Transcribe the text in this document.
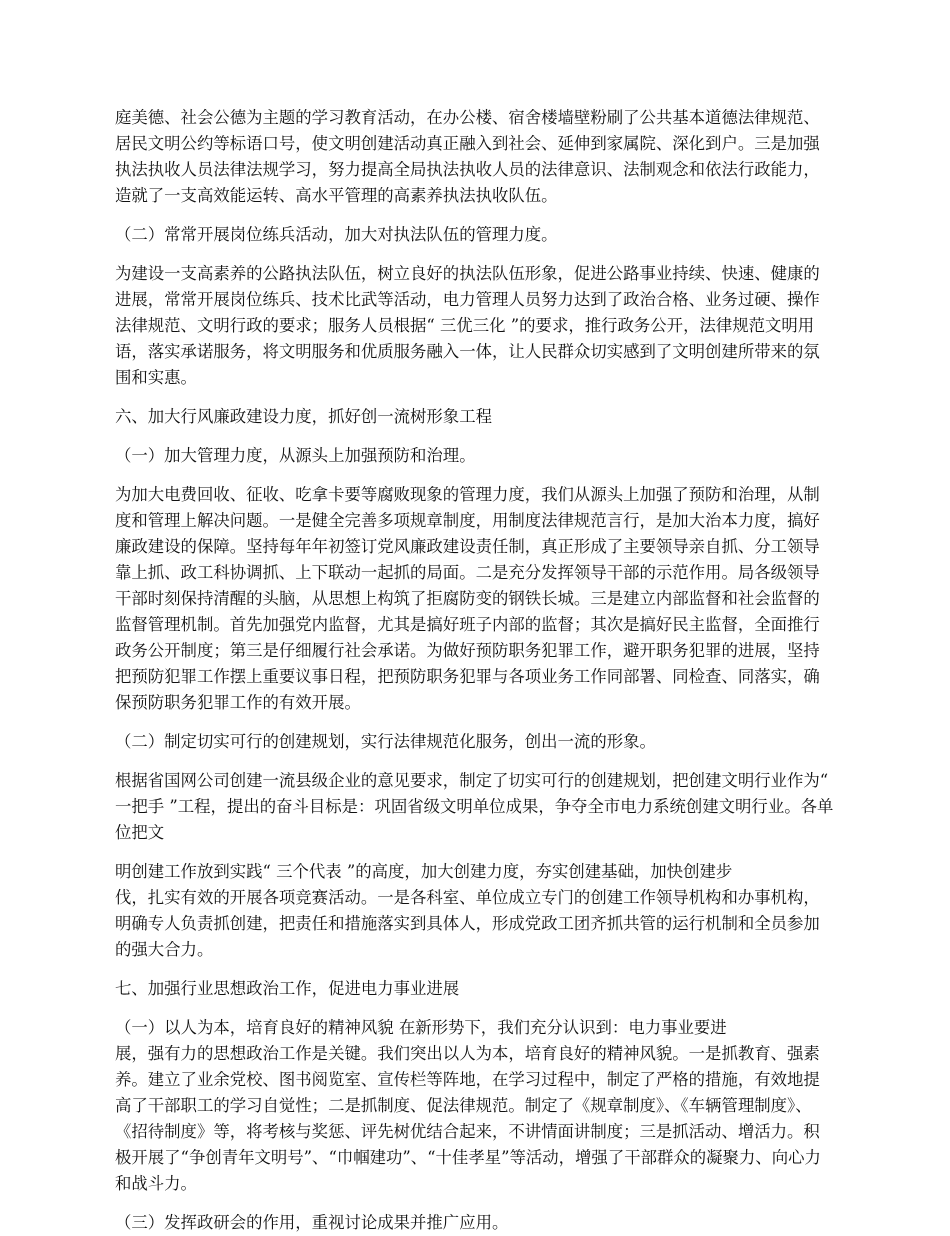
庭美德、社会公德为主题的学习教育活动，在办公楼、宿舍楼墙壁粉刷了公共基本道德法律规范、居民文明公约等标语口号，使文明创建活动真正融入到社会、延伸到家属院、深化到户。三是加强执法执收人员法律法规学习，努力提高全局执法执收人员的法律意识、法制观念和依法行政能力，造就了一支高效能运转、高水平管理的高素养执法执收队伍。

（二）常常开展岗位练兵活动，加大对执法队伍的管理力度。

为建设一支高素养的公路执法队伍，树立良好的执法队伍形象，促进公路事业持续、快速、健康的进展，常常开展岗位练兵、技术比武等活动，电力管理人员努力达到了政治合格、业务过硬、操作法律规范、文明行政的要求；服务人员根据“ 三优三化 ”的要求，推行政务公开，法律规范文明用语，落实承诺服务，将文明服务和优质服务融入一体，让人民群众切实感到了文明创建所带来的氛围和实惠。

六、加大行风廉政建设力度，抓好创一流树形象工程

（一）加大管理力度，从源头上加强预防和治理。

为加大电费回收、征收、吃拿卡要等腐败现象的管理力度，我们从源头上加强了预防和治理，从制度和管理上解决问题。一是健全完善多项规章制度，用制度法律规范言行，是加大治本力度，搞好廉政建设的保障。坚持每年年初签订党风廉政建设责任制，真正形成了主要领导亲自抓、分工领导靠上抓、政工科协调抓、上下联动一起抓的局面。二是充分发挥领导干部的示范作用。局各级领导干部时刻保持清醒的头脑，从思想上构筑了拒腐防变的钢铁长城。三是建立内部监督和社会监督的监督管理机制。首先加强党内监督，尤其是搞好班子内部的监督；其次是搞好民主监督，全面推行政务公开制度；第三是仔细履行社会承诺。为做好预防职务犯罪工作，避开职务犯罪的进展，坚持把预防犯罪工作摆上重要议事日程，把预防职务犯罪与各项业务工作同部署、同检查、同落实，确保预防职务犯罪工作的有效开展。

（二）制定切实可行的创建规划，实行法律规范化服务，创出一流的形象。

根据省国网公司创建一流县级企业的意见要求，制定了切实可行的创建规划，把创建文明行业作为“ 一把手 ”工程，提出的奋斗目标是：巩固省级文明单位成果，争夺全市电力系统创建文明行业。各单位把文

明创建工作放到实践“ 三个代表 ”的高度，加大创建力度，夯实创建基础，加快创建步
伐，扎实有效的开展各项竞赛活动。一是各科室、单位成立专门的创建工作领导机构和办事机构，明确专人负责抓创建，把责任和措施落实到具体人，形成党政工团齐抓共管的运行机制和全员参加的强大合力。

七、加强行业思想政治工作，促进电力事业进展

（一）以人为本，培育良好的精神风貌 在新形势下，我们充分认识到：电力事业要进
展，强有力的思想政治工作是关键。我们突出以人为本，培育良好的精神风貌。一是抓教育、强素养。建立了业余党校、图书阅览室、宣传栏等阵地，在学习过程中，制定了严格的措施，有效地提高了干部职工的学习自觉性；二是抓制度、促法律规范。制定了《规章制度》、《车辆管理制度》、《招待制度》等，将考核与奖惩、评先树优结合起来，不讲情面讲制度；三是抓活动、增活力。积极开展了“争创青年文明号”、“巾帼建功”、“十佳孝星”等活动，增强了干部群众的凝聚力、向心力和战斗力。

（三）发挥政研会的作用，重视讨论成果并推广应用。
